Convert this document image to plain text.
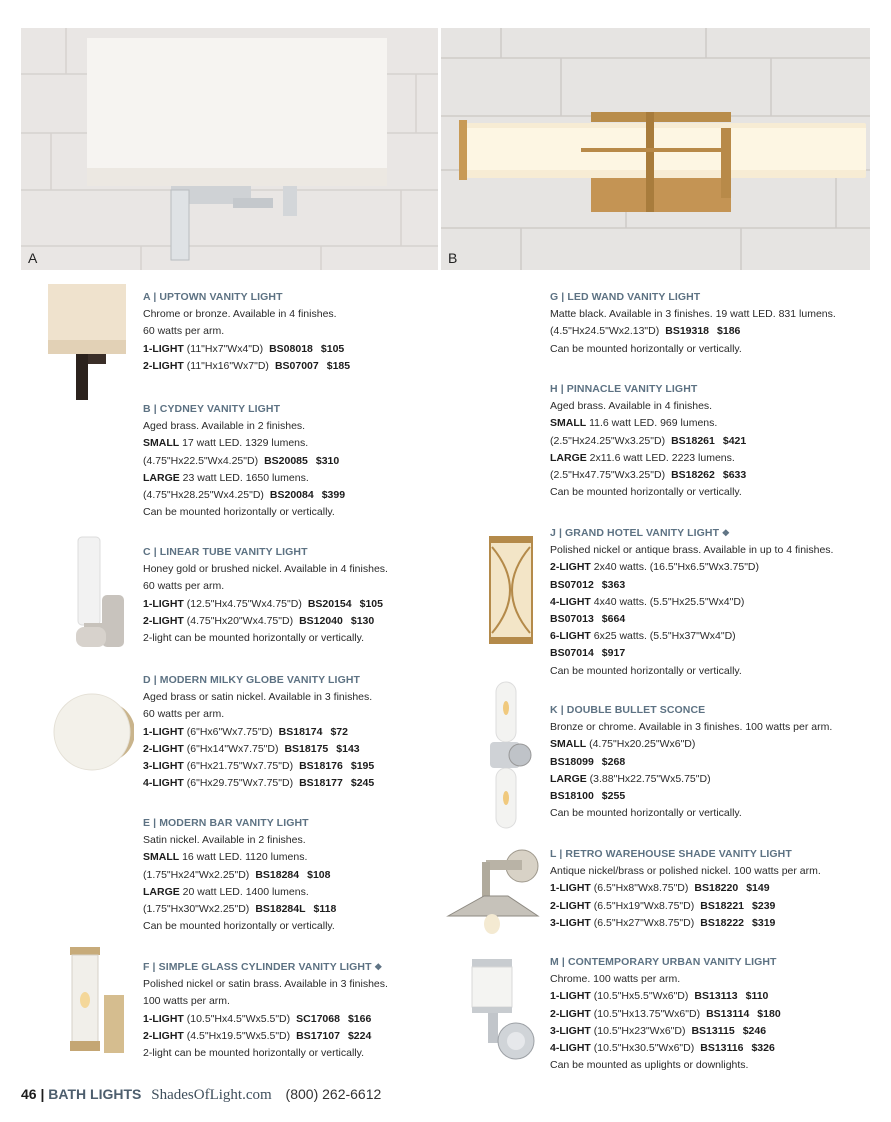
A	B
A | UPTOWN VANITY LIGHT
Chrome or bronze. Available in 4 finishes.
60 watts per arm.
1-LIGHT (11"Hx7"Wx4"D) BS08018 $105
2-LIGHT (11"Hx16"Wx7"D) BS07007 $185
B | CYDNEY VANITY LIGHT
Aged brass. Available in 2 finishes.
SMALL 17 watt LED. 1329 lumens.
(4.75"Hx22.5"Wx4.25"D) BS20085 $310
LARGE 23 watt LED. 1650 lumens.
(4.75"Hx28.25"Wx4.25"D) BS20084 $399
Can be mounted horizontally or vertically.
C | LINEAR TUBE VANITY LIGHT
Honey gold or brushed nickel. Available in 4 finishes.
60 watts per arm.
1-LIGHT (12.5"Hx4.75"Wx4.75"D) BS20154 $105
2-LIGHT (4.75"Hx20"Wx4.75"D) BS12040 $130
2-light can be mounted horizontally or vertically.
D | MODERN MILKY GLOBE VANITY LIGHT
Aged brass or satin nickel. Available in 3 finishes.
60 watts per arm.
1-LIGHT (6"Hx6"Wx7.75"D) BS18174 $72
2-LIGHT (6"Hx14"Wx7.75"D) BS18175 $143
3-LIGHT (6"Hx21.75"Wx7.75"D) BS18176 $195
4-LIGHT (6"Hx29.75"Wx7.75"D) BS18177 $245
E | MODERN BAR VANITY LIGHT
Satin nickel. Available in 2 finishes.
SMALL 16 watt LED. 1120 lumens.
(1.75"Hx24"Wx2.25"D) BS18284 $108
LARGE 20 watt LED. 1400 lumens.
(1.75"Hx30"Wx2.25"D) BS18284L $118
Can be mounted horizontally or vertically.
F | SIMPLE GLASS CYLINDER VANITY LIGHT ❖
Polished nickel or satin brass. Available in 3 finishes.
100 watts per arm.
1-LIGHT (10.5"Hx4.5"Wx5.5"D) SC17068 $166
2-LIGHT (4.5"Hx19.5"Wx5.5"D) BS17107 $224
2-light can be mounted horizontally or vertically.
G | LED WAND VANITY LIGHT
Matte black. Available in 3 finishes. 19 watt LED. 831 lumens.
(4.5"Hx24.5"Wx2.13"D) BS19318 $186
Can be mounted horizontally or vertically.
H | PINNACLE VANITY LIGHT
Aged brass. Available in 4 finishes.
SMALL 11.6 watt LED. 969 lumens.
(2.5"Hx24.25"Wx3.25"D) BS18261 $421
LARGE 2x11.6 watt LED. 2223 lumens.
(2.5"Hx47.75"Wx3.25"D) BS18262 $633
Can be mounted horizontally or vertically.
J | GRAND HOTEL VANITY LIGHT ❖
Polished nickel or antique brass. Available in up to 4 finishes.
2-LIGHT 2x40 watts. (16.5"Hx6.5"Wx3.75"D)
BS07012 $363
4-LIGHT 4x40 watts. (5.5"Hx25.5"Wx4"D)
BS07013 $664
6-LIGHT 6x25 watts. (5.5"Hx37"Wx4"D)
BS07014 $917
Can be mounted horizontally or vertically.
K | DOUBLE BULLET SCONCE
Bronze or chrome. Available in 3 finishes. 100 watts per arm.
SMALL (4.75"Hx20.25"Wx6"D)
BS18099 $268
LARGE (3.88"Hx22.75"Wx5.75"D)
BS18100 $255
Can be mounted horizontally or vertically.
L | RETRO WAREHOUSE SHADE VANITY LIGHT
Antique nickel/brass or polished nickel. 100 watts per arm.
1-LIGHT (6.5"Hx8"Wx8.75"D) BS18220 $149
2-LIGHT (6.5"Hx19"Wx8.75"D) BS18221 $239
3-LIGHT (6.5"Hx27"Wx8.75"D) BS18222 $319
M | CONTEMPORARY URBAN VANITY LIGHT
Chrome. 100 watts per arm.
1-LIGHT (10.5"Hx5.5"Wx6"D) BS13113 $110
2-LIGHT (10.5"Hx13.75"Wx6"D) BS13114 $180
3-LIGHT (10.5"Hx23"Wx6"D) BS13115 $246
4-LIGHT (10.5"Hx30.5"Wx6"D) BS13116 $326
Can be mounted as uplights or downlights.
46 | BATH LIGHTS ShadesOfLight.com (800) 262-6612
